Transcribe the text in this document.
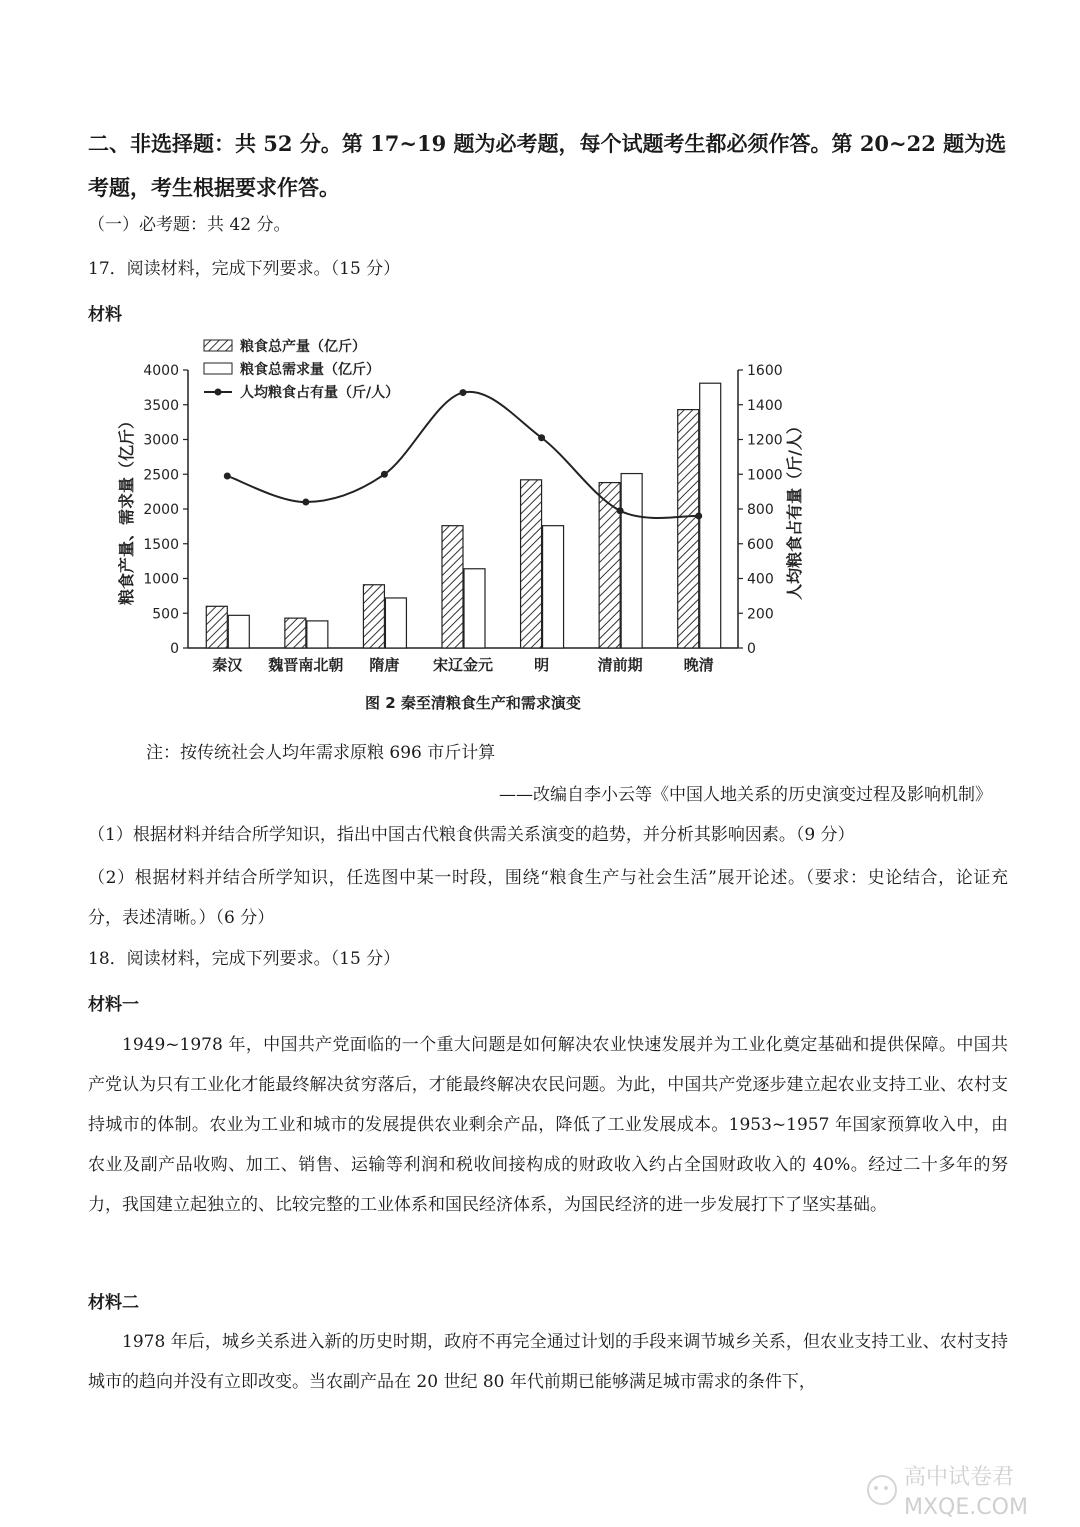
二、非选择题：共 52 分。第 17~19 题为必考题，每个试题考生都必须作答。第 20~22 题为选考题，考生根据要求作答。
（一）必考题：共 42 分。
17．阅读材料，完成下列要求。（15 分）
材料
0
500
1000
1500
2000
2500
3000
3500
4000
0
200
400
600
800
1000
1200
1400
1600
粮食产量、需求量（亿斤）	人均粮食占有量（斤/人）
秦汉 魏晋南北朝 隋唐 宋辽金元	明	清前期	晚清
粮食总产量（亿斤）
粮食总需求量（亿斤）
人均粮食占有量（斤/人）
图 2 秦至清粮食生产和需求演变
注：按传统社会人均年需求原粮 696 市斤计算
——改编自李小云等《中国人地关系的历史演变过程及影响机制》
（1）根据材料并结合所学知识，指出中国古代粮食供需关系演变的趋势，并分析其影响因素。（9 分）
（2）根据材料并结合所学知识，任选图中某一时段，围绕“粮食生产与社会生活”展开论述。（要求：史论结合，论证充分，表述清晰。）（6 分）
18．阅读材料，完成下列要求。（15 分）
材料一
1949~1978 年，中国共产党面临的一个重大问题是如何解决农业快速发展并为工业化奠定基础和提供保障。中国共产党认为只有工业化才能最终解决贫穷落后，才能最终解决农民问题。为此，中国共产党逐步建立起农业支持工业、农村支持城市的体制。农业为工业和城市的发展提供农业剩余产品，降低了工业发展成本。1953~1957 年国家预算收入中，由农业及副产品收购、加工、销售、运输等利润和税收间接构成的财政收入约占全国财政收入的 40%。经过二十多年的努力，我国建立起独立的、比较完整的工业体系和国民经济体系，为国民经济的进一步发展打下了坚实基础。
材料二
1978 年后，城乡关系进入新的历史时期，政府不再完全通过计划的手段来调节城乡关系，但农业支持工业、农村支持城市的趋向并没有立即改变。当农副产品在 20 世纪 80 年代前期已能够满足城市需求的条件下，
高中试卷君
MXQE.COM
